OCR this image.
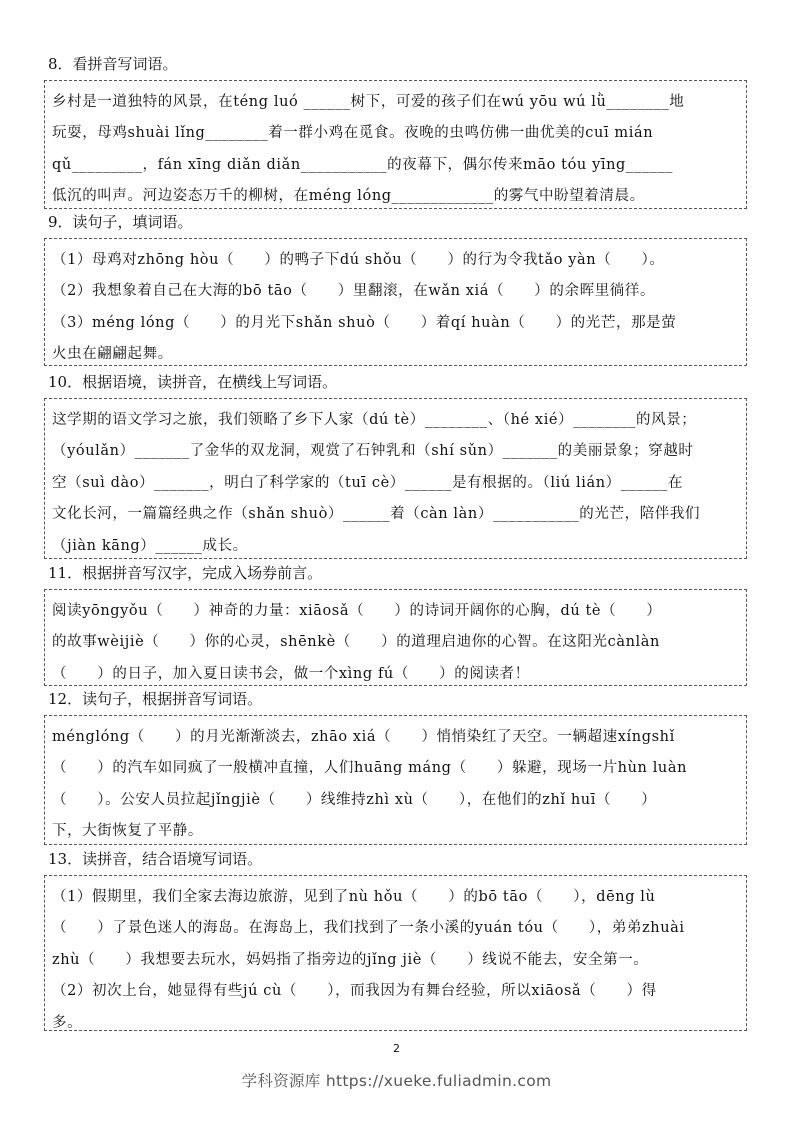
8．看拼音写词语。

乡村是一道独特的风景，在téng luó ______树下，可爱的孩子们在wú yōu wú lǜ________地

玩耍，母鸡shuài lǐng________着一群小鸡在觅食。夜晚的虫鸣仿佛一曲优美的cuī mián

qǔ_________，fán xīng diǎn diǎn___________的夜幕下，偶尔传来māo tóu yīng______

低沉的叫声。河边姿态万千的柳树，在méng lóng_____________的雾气中盼望着清晨。

9．读句子，填词语。

（1）母鸡对zhōng hòu（　　）的鸭子下dú shǒu（　　）的行为令我tǎo yàn（　　）。

（2）我想象着自己在大海的bō tāo（　　）里翻滚，在wǎn xiá（　　）的余晖里徜徉。

（3）méng lóng（　　）的月光下shǎn shuò（　　）着qí huàn（　　）的光芒，那是萤

火虫在翩翩起舞。

10．根据语境，读拼音，在横线上写词语。

这学期的语文学习之旅，我们领略了乡下人家（dú tè）________、（hé xié）________的风景；

（yóulǎn）_______了金华的双龙洞，观赏了石钟乳和（shí sǔn）_______的美丽景象；穿越时

空（suì dào）_______，明白了科学家的（tuī cè）______是有根据的。（liú lián）______在

文化长河，一篇篇经典之作（shǎn shuò）______着（càn làn）___________的光芒，陪伴我们

（jiàn kāng）______成长。

11．根据拼音写汉字，完成入场券前言。

阅读yōngyǒu（　　）神奇的力量：xiāosǎ（　　）的诗词开阔你的心胸，dú tè（　　）

的故事wèijiè（　　）你的心灵，shēnkè（　　）的道理启迪你的心智。在这阳光cànlàn

（　　）的日子，加入夏日读书会，做一个xìng fú（　　）的阅读者！

12．读句子，根据拼音写词语。

ménglóng（　　）的月光渐渐淡去，zhāo xiá（　　）悄悄染红了天空。一辆超速xíngshǐ

（　　）的汽车如同疯了一般横冲直撞，人们huāng máng（　　）躲避，现场一片hùn luàn

（　　）。公安人员拉起jǐngjiè（　　）线维持zhì xù（　　），在他们的zhǐ huī（　　）

下，大街恢复了平静。

13．读拼音，结合语境写词语。

（1）假期里，我们全家去海边旅游，见到了nù hǒu（　　）的bō tāo（　　），dēng lù

（　　）了景色迷人的海岛。在海岛上，我们找到了一条小溪的yuán tóu（　　），弟弟zhuài

zhù（　　）我想要去玩水，妈妈指了指旁边的jǐng jiè（　　）线说不能去，安全第一。

（2）初次上台，她显得有些jú cù（　　），而我因为有舞台经验，所以xiāosǎ（　　）得

多。

2
学科资源库 https://xueke.fuliadmin.com
